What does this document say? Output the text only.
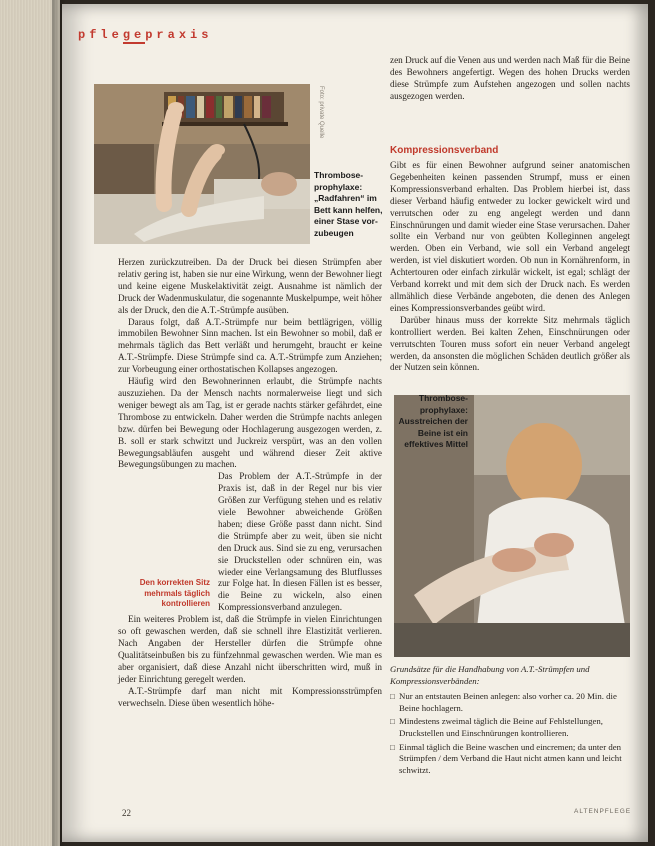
pflegepraxis
Foto: private Quelle
Thromboseprophylaxe: „Radfahren“ im Bett kann helfen, einer Stase vorzubeugen

zen Druck auf die Venen aus und werden nach Maß für die Beine des Bewohners angefertigt. Wegen des hohen Drucks werden diese Strümpfe zum Aufstehen angezogen und sollen nachts ausgezogen werden.

Kompressionsverband

Gibt es für einen Bewohner aufgrund seiner anatomischen Gegebenheiten keinen passenden Strumpf, muss er einen Kompressionsverband erhalten. Das Problem hierbei ist, dass dieser Verband häufig entweder zu locker gewickelt wird und verrutschen oder zu eng angelegt werden und dann Einschnürungen und damit wieder eine Stase verursachen. Daher sollte ein Verband nur von geübten Kolleginnen angelegt werden. Oben ein Verband, wie soll ein Verband angelegt werden, ist viel diskutiert worden. Ob nun in Kornährenform, in Achtertouren oder einfach zirkulär wickelt, ist egal; schlägt der Verband korrekt und mit dem sich der Druck nach. Es werden allmählich diese Verbände angeboten, die denen des Anlegen eines Kompressionsverbandes geübt wird.

Darüber hinaus muss der korrekte Sitz mehrmals täglich kontrolliert werden. Bei kalten Zehen, Einschnürungen oder verrutschten Touren muss sofort ein neuer Verband angelegt werden, da ansonsten die möglichen Schäden deutlich größer als der Nutzen sein können.

Thromboseprophylaxe: Ausstreichen der Beine ist ein effektives Mittel

Herzen zurückzutreiben. Da der Druck bei diesen Strümpfen aber relativ gering ist, haben sie nur eine Wirkung, wenn der Bewohner liegt und keine eigene Muskelaktivität zeigt. Ausnahme ist nämlich der Druck der Wadenmuskulatur, die sogenannte Muskelpumpe, weit höher als der Druck, den die A.T.-Strümpfe ausüben.

Daraus folgt, daß A.T.-Strümpfe nur beim bettlägrigen, völlig immobilen Bewohner Sinn machen. Ist ein Bewohner so mobil, daß er mehrmals täglich das Bett verläßt und herumgeht, braucht er keine A.T.-Strümpfe. Diese Strümpfe sind ca. A.T.-Strümpfe zum Anziehen; zur Vorbeugung einer orthostatischen Kollapses angezogen.

Häufig wird den Bewohnerinnen erlaubt, die Strümpfe nachts auszuziehen. Da der Mensch nachts normalerweise liegt und sich weniger bewegt als am Tag, ist er gerade nachts stärker gefährdet, eine Thrombose zu entwickeln. Daher werden die Strümpfe nachts anlegen bzw. dürfen bei Bewegung oder Hochlagerung ausgezogen werden, z. B. soll er stark schwitzt und Juckreiz verspürt, was an den vollen Bewegungsabläufen ausgeht und während dieser Zeit aktive Bewegungsübungen zu machen.

Das Problem der A.T.-Strümpfe in der Praxis ist, daß in der Regel nur bis vier Größen zur Verfügung stehen und es relativ viele Bewohner abweichende Größen haben; diese Größe passt dann nicht. Sind die Strümpfe aber zu weit, üben sie nicht den Druck aus. Sind sie zu eng, verursachen sie Druckstellen oder schnüren ein, was wieder eine Verlangsamung des Blutflusses zur Folge hat. In diesen Fällen ist es besser, die Beine zu wickeln, also einen Kompressionsverband anzulegen.

Ein weiteres Problem ist, daß die Strümpfe in vielen Einrichtungen so oft gewaschen werden, daß sie schnell ihre Elastizität verlieren. Nach Angaben der Hersteller dürfen die Strümpfe ohne Qualitätseinbußen bis zu fünfzehnmal gewaschen werden. Wie man es aber organisiert, daß diese Anzahl nicht überschritten wird, muß in jeder Einrichtung geregelt werden.

A.T.-Strümpfe darf man nicht mit Kompressionsstrümpfen verwechseln. Diese üben wesentlich höhe-

Den korrekten Sitz mehrmals täglich kontrollieren
Grundsätze für die Handhabung von A.T.-Strümpfen und Kompressionsverbänden:
□ Nur an entstauten Beinen anlegen: also vorher ca. 20 Min. die Beine hochlagern.
□ Mindestens zweimal täglich die Beine auf Fehlstellungen, Druckstellen und Einschnürungen kontrollieren.
□ Einmal täglich die Beine waschen und eincremen; da unter den Strümpfen / dem Verband die Haut nicht atmen kann und leicht schwitzt.
22	ALTENPFLEGE
